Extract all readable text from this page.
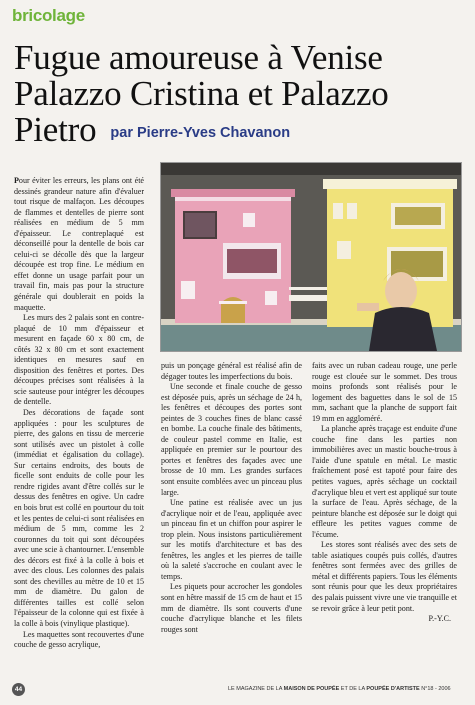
bricolage
Fugue amoureuse à Venise
Palazzo Cristina et Palazzo
Pietro par Pierre-Yves Chavanon

Pour éviter les erreurs, les plans ont été dessinés grandeur nature afin d'évaluer tout risque de malfaçon. Les découpes de flammes et dentelles de pierre sont réalisées en médium de 5 mm d'épaisseur. Le contreplaqué est déconseillé pour la dentelle de bois car celui-ci se décolle dès que la largeur découpée est trop fine. Le médium en effet donne un usage parfait pour un travail fin, mais pas pour la structure générale qui doublerait en poids la maquette.

Les murs des 2 palais sont en contre-plaqué de 10 mm d'épaisseur et mesurent en façade 60 x 80 cm, de côtés 32 x 80 cm et sont exactement identiques en mesures sauf en disposition des fenêtres et portes. Des découpes précises sont réalisées à la scie sauteuse pour intégrer les découpes de dentelle.

Des décorations de façade sont appliquées : pour les sculptures de pierre, des galons en tissu de mercerie sont utilisés avec un pistolet à colle (immédiat et égalisation du collage). Sur certains endroits, des bouts de ficelle sont enduits de colle pour les rendre rigides avant d'être collés sur le dessus des fenêtres en ogive. Un cadre en bois brut est collé en pourtour du toit et les pentes de celui-ci sont réalisées en médium de 5 mm, comme les 2 couronnes du toit qui sont découpées avec une scie à chantourner. L'ensemble des décors est fixé à la colle à bois et avec des clous. Les colonnes des palais sont des chevilles au mètre de 10 et 15 mm de diamètre. Du galon de différentes tailles est collé selon l'épaisseur de la colonne qui est fixée à la colle à bois (vinylique plastique).

Les maquettes sont recouvertes d'une couche de gesso acrylique,

puis un ponçage général est réalisé afin de dégager toutes les imperfections du bois.

Une seconde et finale couche de gesso est déposée puis, après un séchage de 24 h, les fenêtres et découpes des portes sont peintes de 3 couches fines de blanc cassé en bombe. La couche finale des bâtiments, de couleur pastel comme en Italie, est appliquée en premier sur le pourtour des portes et fenêtres des façades avec une brosse de 10 mm. Les grandes surfaces sont ensuite comblées avec un pinceau plus large.

Une patine est réalisée avec un jus d'acrylique noir et de l'eau, appliquée avec un pinceau fin et un chiffon pour aspirer le trop plein. Nous insistons particulièrement sur les motifs d'architecture et bas des fenêtres, les angles et les pierres de taille où la saleté s'accroche en coulant avec le temps.

Les piquets pour accrocher les gondoles sont en hêtre massif de 15 cm de haut et 15 mm de diamètre. Ils sont couverts d'une couche d'acrylique blanche et les filets rouges sont

faits avec un ruban cadeau rouge, une perle rouge est clouée sur le sommet. Des trous moins profonds sont réalisés pour le logement des baguettes dans le sol de 15 mm, sachant que la planche de support fait 19 mm en aggloméré.

La planche après traçage est enduite d'une couche fine dans les parties non immobilières avec un mastic bouche-trous à l'aide d'une spatule en métal. Le mastic fraîchement posé est tapoté pour faire des petites vagues, après séchage un cocktail d'acrylique bleu et vert est appliqué sur toute la surface de l'eau. Après séchage, de la peinture blanche est déposée sur le doigt qui effleure les petites vagues comme de l'écume.

Les stores sont réalisés avec des sets de table asiatiques coupés puis collés, d'autres fenêtres sont fermées avec des grilles de métal et différents papiers. Tous les éléments sont réunis pour que les deux propriétaires des palais puissent vivre une vie tranquille et se revoir grâce à leur petit pont.

P.-Y.C.

44	LE MAGAZINE DE LA MAISON DE POUPÉE ET DE LA POUPÉE D'ARTISTE N°18 - 2006
